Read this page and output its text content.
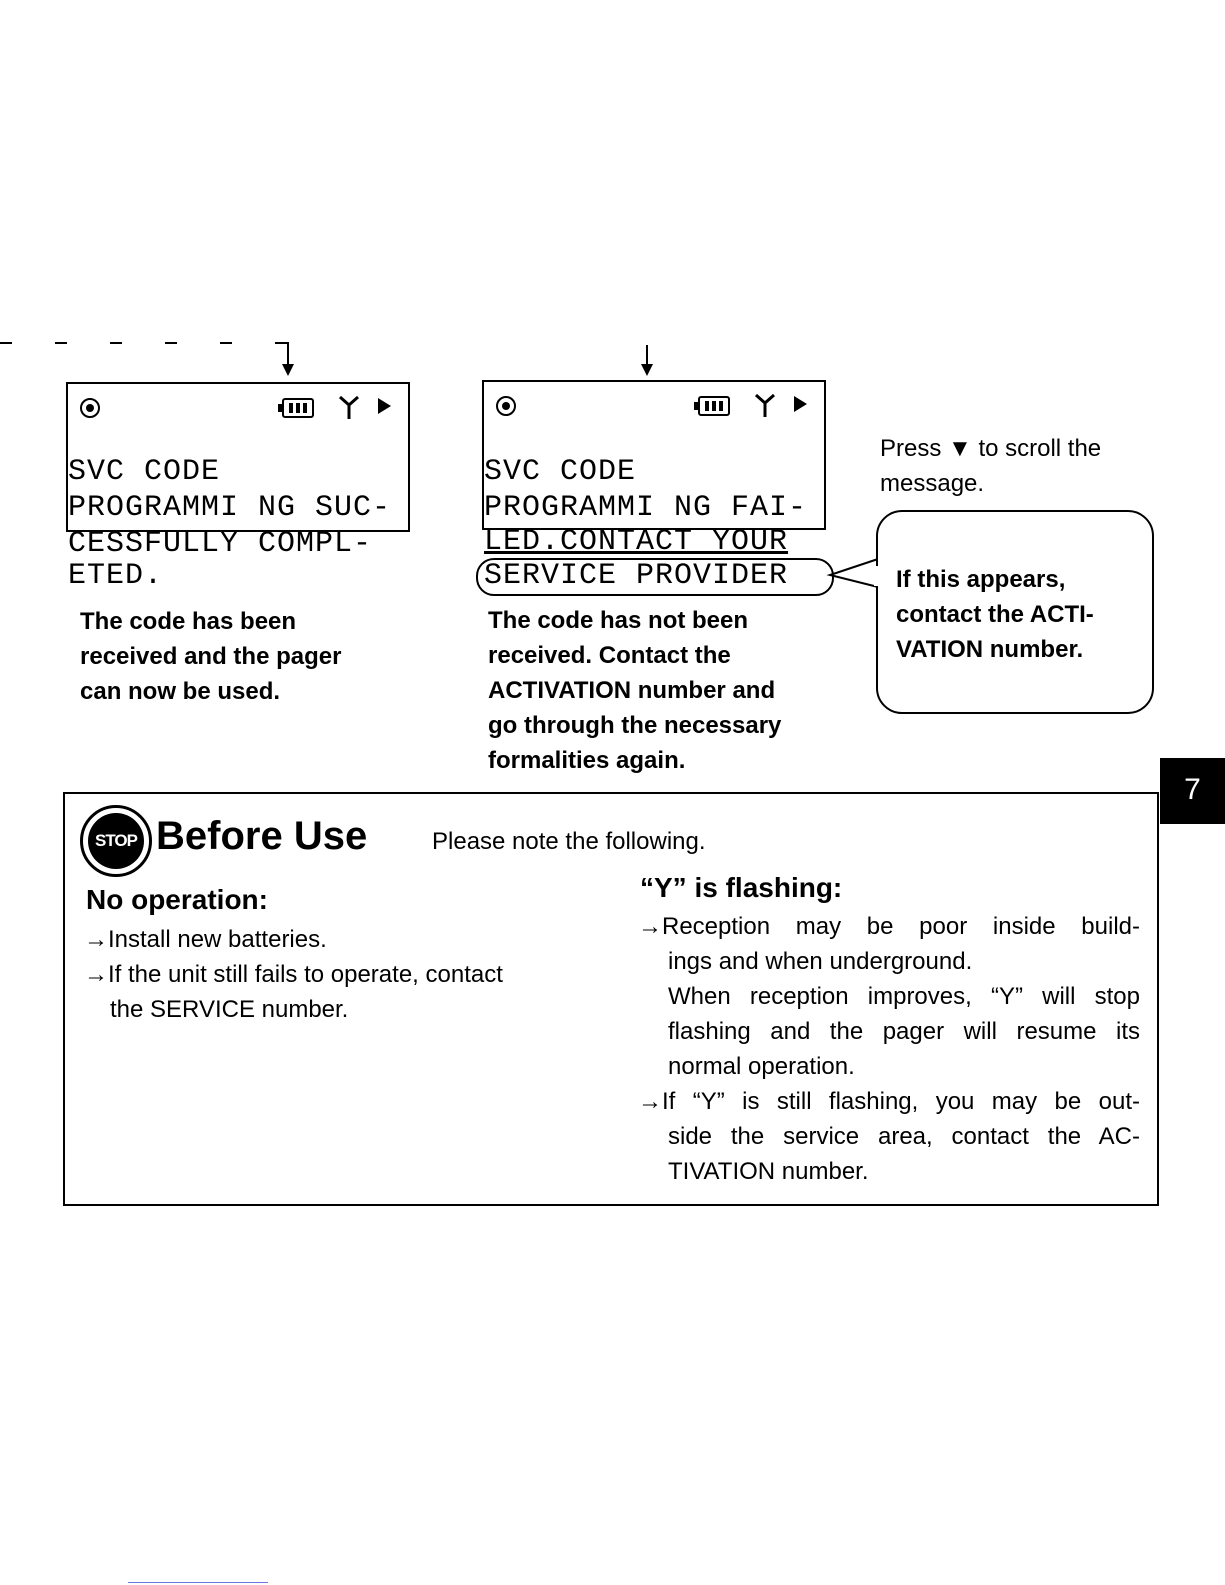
SVC CODE
PROGRAMMI NG SUC-
CESSFULLY COMPL-
ETED.
The code has been
received and the pager
can now be used.
SVC CODE
PROGRAMMI NG FAI-
LED.CONTACT YOUR
SERVICE PROVIDER
The code has not been
received. Contact the
ACTIVATION number and
go through the necessary
formalities again.
Press ▼ to scroll the
message.
If this appears,
contact the ACTI-
VATION number.
7
STOP Before Use	Please note the following.
No operation:
→Install new batteries.
→If the unit still fails to operate, contact
the SERVICE number.
“Υ” is flashing:
→Reception may be poor inside build-
ings and when underground.
When reception improves, “Υ” will stop
flashing and the pager will resume its
normal operation.
→If “Υ” is still flashing, you may be out-
side the service area, contact the AC-
TIVATION number.
